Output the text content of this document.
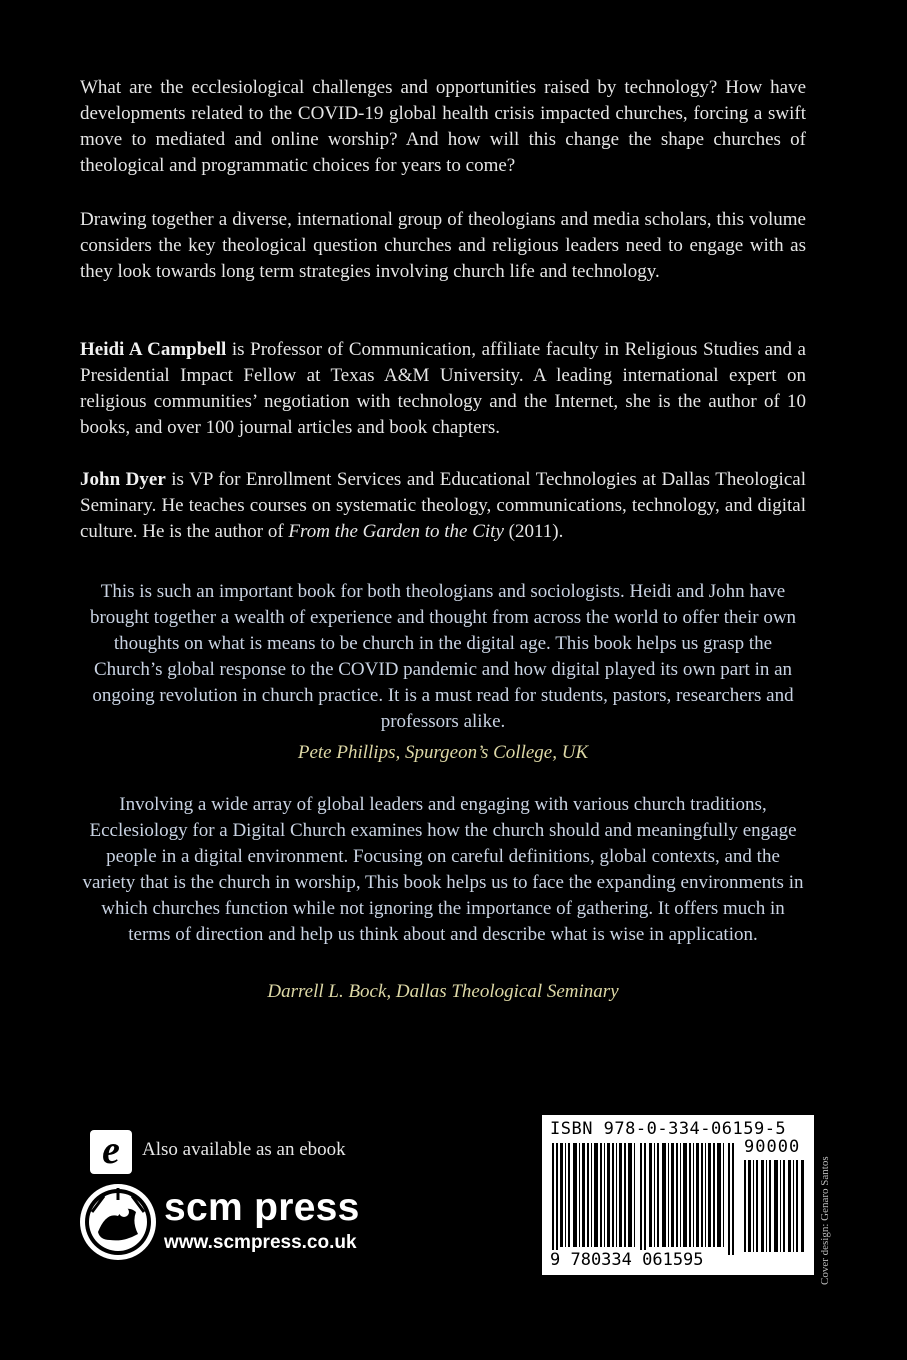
What are the ecclesiological challenges and opportunities raised by technology? How have developments related to the COVID-19 global health crisis impacted churches, forcing a swift move to mediated and online worship? And how will this change the shape churches of theological and programmatic choices for years to come?

Drawing together a diverse, international group of theologians and media scholars, this volume considers the key theological question churches and religious leaders need to engage with as they look towards long term strategies involving church life and technology.

Heidi A Campbell is Professor of Communication, affiliate faculty in Religious Studies and a Presidential Impact Fellow at Texas A&M University. A leading international expert on religious communities’ negotiation with technology and the Internet, she is the author of 10 books, and over 100 journal articles and book chapters.

John Dyer is VP for Enrollment Services and Educational Technologies at Dallas Theological Seminary. He teaches courses on systematic theology, communications, technology, and digital culture. He is the author of From the Garden to the City (2011).

This is such an important book for both theologians and sociologists. Heidi and John have brought together a wealth of experience and thought from across the world to offer their own thoughts on what is means to be church in the digital age. This book helps us grasp the Church’s global response to the COVID pandemic and how digital played its own part in an ongoing revolution in church practice. It is a must read for students, pastors, researchers and professors alike.

Pete Phillips, Spurgeon’s College, UK

Involving a wide array of global leaders and engaging with various church traditions, Ecclesiology for a Digital Church examines how the church should and meaningfully engage people in a digital environment. Focusing on careful definitions, global contexts, and the variety that is the church in worship, This book helps us to face the expanding environments in which churches function while not ignoring the importance of gathering. It offers much in terms of direction and help us think about and describe what is wise in application.

Darrell L. Bock, Dallas Theological Seminary

e	Also available as an ebook
scm press
www.scmpress.co.uk
ISBN 978-0-334-06159-5
90000
9 780334 061595	Cover design: Genaro Santos
